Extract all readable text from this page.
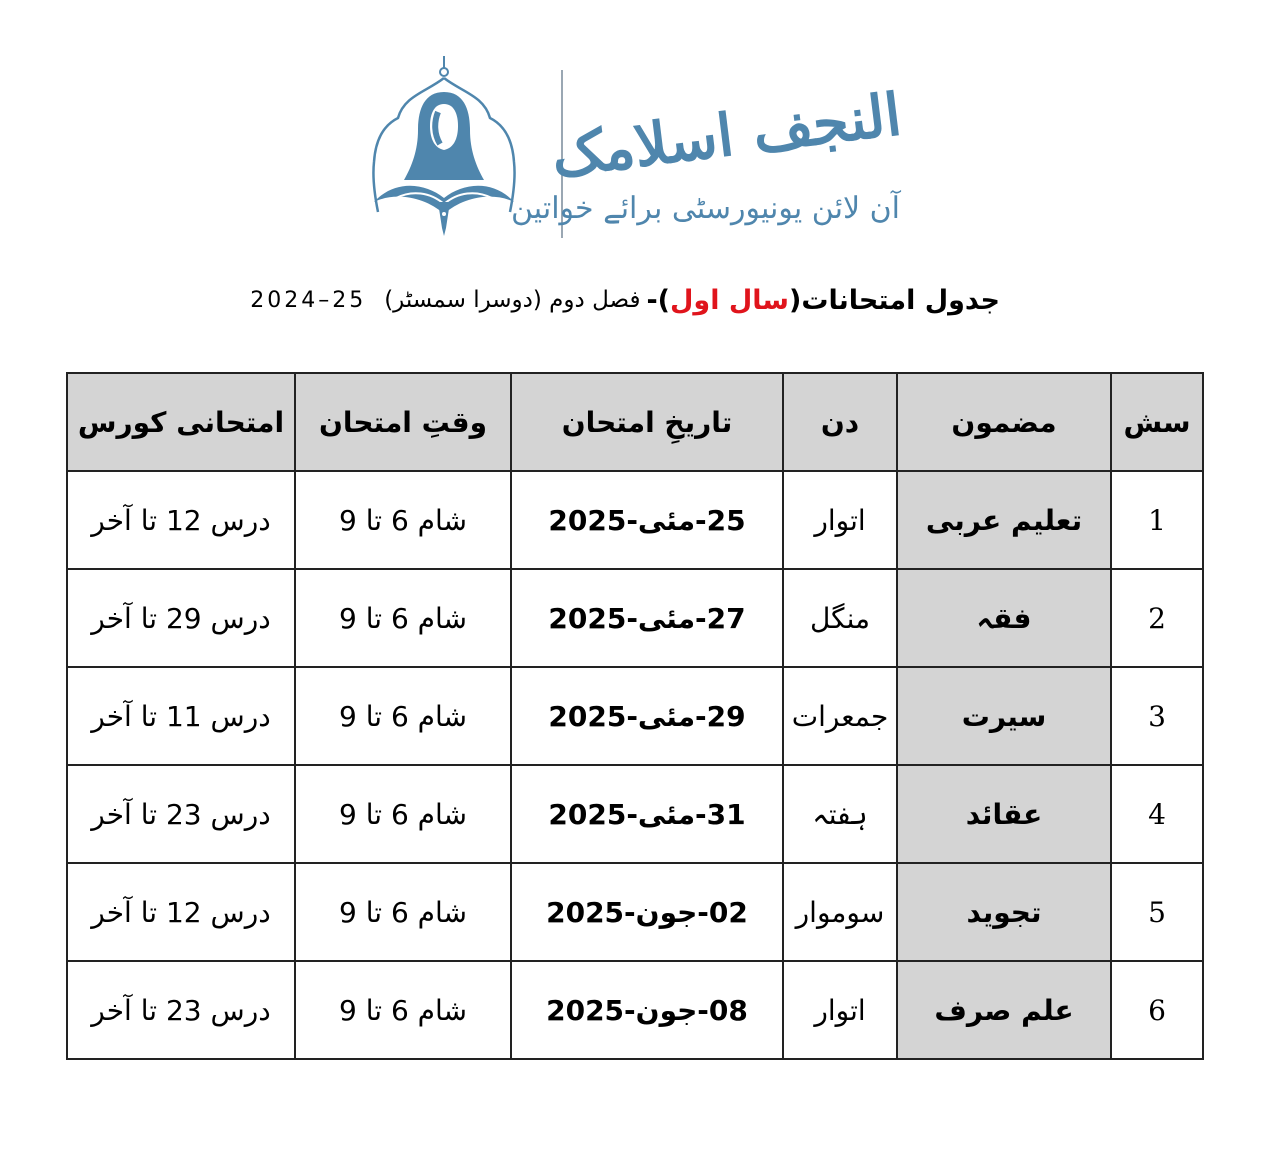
النجف اسلامک
آن لائن یونیورسٹی برائے خواتین
جدول امتحانات
(
سال اول
)
-
فصل دوم (دوسرا سمسٹر)
2024–25
سش	مضمون	دن	تاریخِ امتحان	وقتِ امتحان	امتحانی کورس
1	تعلیم عربی	اتوار	25-مئی-2025	شام 6 تا 9	درس 12 تا آخر
2	فقہ	منگل	27-مئی-2025	شام 6 تا 9	درس 29 تا آخر
3	سیرت	جمعرات	29-مئی-2025	شام 6 تا 9	درس 11 تا آخر
4	عقائد	ہفتہ	31-مئی-2025	شام 6 تا 9	درس 23 تا آخر
5	تجوید	سوموار	02-جون-2025	شام 6 تا 9	درس 12 تا آخر
6	علم صرف	اتوار	08-جون-2025	شام 6 تا 9	درس 23 تا آخر
